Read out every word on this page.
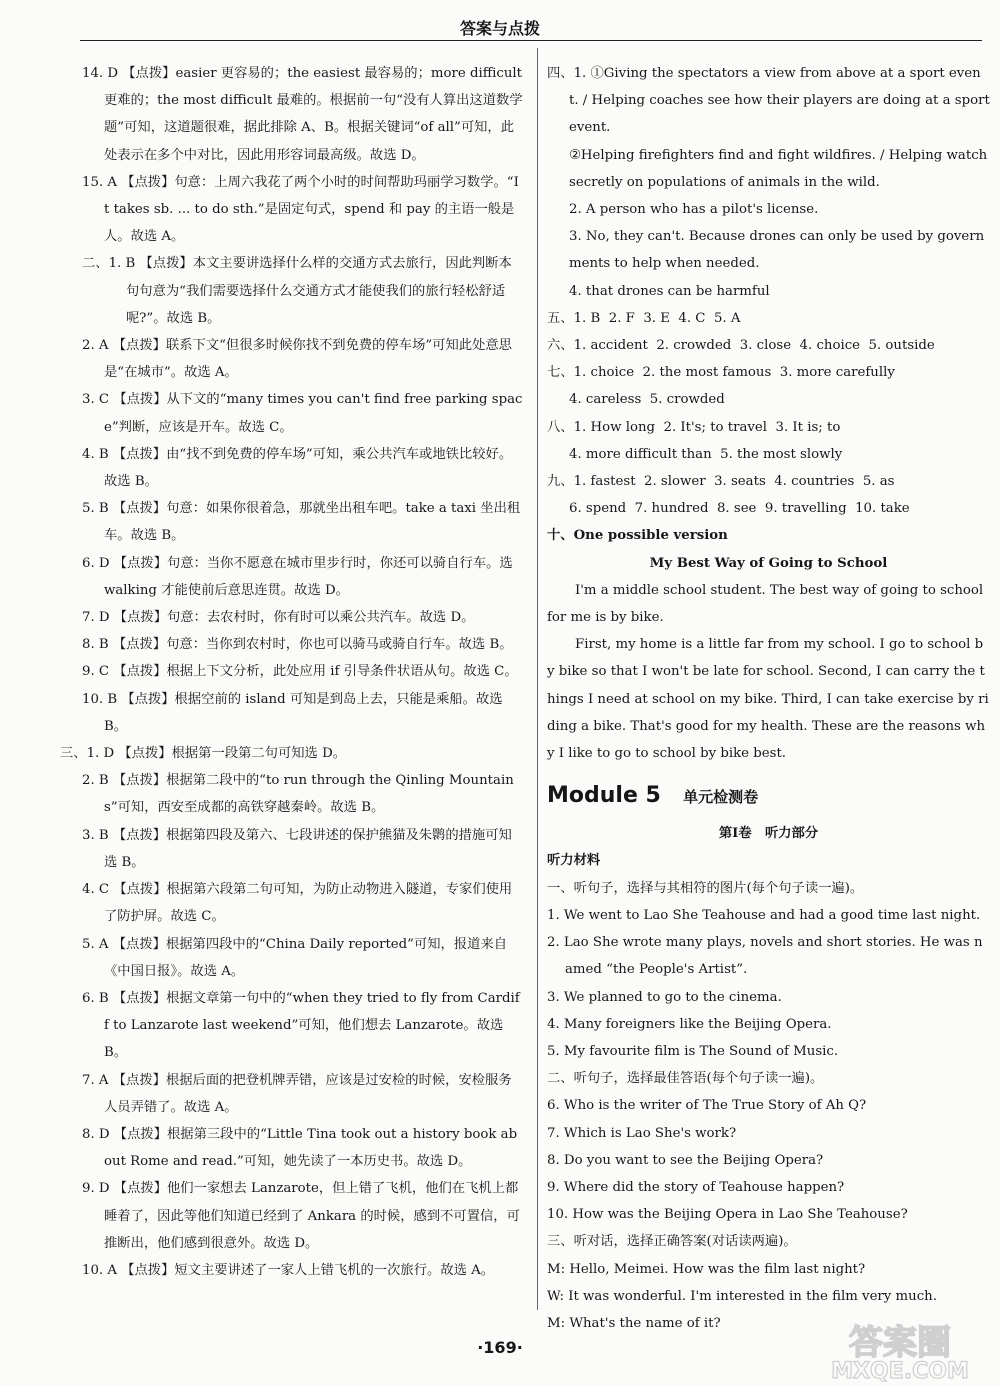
答案与点拨

14. D 【点拨】easier 更容易的；the easiest 最容易的；more difficult 更难的；the most difficult 最难的。根据前一句“没有人算出这道数学题”可知，这道题很难，据此排除 A、B。根据关键词“of all”可知，此处表示在多个中对比，因此用形容词最高级。故选 D。

15. A 【点拨】句意：上周六我花了两个小时的时间帮助玛丽学习数学。“It takes sb. ... to do sth.”是固定句式，spend 和 pay 的主语一般是人。故选 A。

二、1. B 【点拨】本文主要讲选择什么样的交通方式去旅行，因此判断本句句意为“我们需要选择什么交通方式才能使我们的旅行轻松舒适呢?”。故选 B。

2. A 【点拨】联系下文“但很多时候你找不到免费的停车场”可知此处意思是“在城市”。故选 A。

3. C 【点拨】从下文的“many times you can't find free parking space”判断，应该是开车。故选 C。

4. B 【点拨】由“找不到免费的停车场”可知，乘公共汽车或地铁比较好。故选 B。

5. B 【点拨】句意：如果你很着急，那就坐出租车吧。take a taxi 坐出租车。故选 B。

6. D 【点拨】句意：当你不愿意在城市里步行时，你还可以骑自行车。选 walking 才能使前后意思连贯。故选 D。

7. D 【点拨】句意：去农村时，你有时可以乘公共汽车。故选 D。

8. B 【点拨】句意：当你到农村时，你也可以骑马或骑自行车。故选 B。

9. C 【点拨】根据上下文分析，此处应用 if 引导条件状语从句。故选 C。

10. B 【点拨】根据空前的 island 可知是到岛上去，只能是乘船。故选 B。

三、1. D 【点拨】根据第一段第二句可知选 D。

2. B 【点拨】根据第二段中的“to run through the Qinling Mountains”可知，西安至成都的高铁穿越秦岭。故选 B。

3. B 【点拨】根据第四段及第六、七段讲述的保护熊猫及朱鹮的措施可知选 B。

4. C 【点拨】根据第六段第二句可知，为防止动物进入隧道，专家们使用了防护屏。故选 C。

5. A 【点拨】根据第四段中的“China Daily reported”可知，报道来自《中国日报》。故选 A。

6. B 【点拨】根据文章第一句中的“when they tried to fly from Cardiff to Lanzarote last weekend”可知，他们想去 Lanzarote。故选 B。

7. A 【点拨】根据后面的把登机牌弄错，应该是过安检的时候，安检服务人员弄错了。故选 A。

8. D 【点拨】根据第三段中的“Little Tina took out a history book about Rome and read.”可知，她先读了一本历史书。故选 D。

9. D 【点拨】他们一家想去 Lanzarote，但上错了飞机，他们在飞机上都睡着了，因此等他们知道已经到了 Ankara 的时候，感到不可置信，可推断出，他们感到很意外。故选 D。

10. A 【点拨】短文主要讲述了一家人上错飞机的一次旅行。故选 A。

四、1. ①Giving the spectators a view from above at a sport event. / Helping coaches see how their players are doing at a sport event.

②Helping firefighters find and fight wildfires. / Helping watch secretly on populations of animals in the wild.

2. A person who has a pilot's license.

3. No, they can't. Because drones can only be used by governments to help when needed.

4. that drones can be harmful

五、1. B  2. F  3. E  4. C  5. A

六、1. accident  2. crowded  3. close  4. choice  5. outside

七、1. choice  2. the most famous  3. more carefully

4. careless  5. crowded

八、1. How long  2. It's; to travel  3. It is; to

4. more difficult than  5. the most slowly

九、1. fastest  2. slower  3. seats  4. countries  5. as

6. spend  7. hundred  8. see  9. travelling  10. take

十、One possible version

My Best Way of Going to School

I'm a middle school student. The best way of going to school for me is by bike.

First, my home is a little far from my school. I go to school by bike so that I won't be late for school. Second, I can carry the things I need at school on my bike. Third, I can take exercise by riding a bike. That's good for my health. These are the reasons why I like to go to school by bike best.

Module 5 单元检测卷

第Ⅰ卷　听力部分

听力材料

一、听句子，选择与其相符的图片(每个句子读一遍)。

1. We went to Lao She Teahouse and had a good time last night.

2. Lao She wrote many plays, novels and short stories. He was named “the People's Artist”.

3. We planned to go to the cinema.

4. Many foreigners like the Beijing Opera.

5. My favourite film is The Sound of Music.

二、听句子，选择最佳答语(每个句子读一遍)。

6. Who is the writer of The True Story of Ah Q?

7. Which is Lao She's work?

8. Do you want to see the Beijing Opera?

9. Where did the story of Teahouse happen?

10. How was the Beijing Opera in Lao She Teahouse?

三、听对话，选择正确答案(对话读两遍)。

M: Hello, Meimei. How was the film last night?

W: It was wonderful. I'm interested in the film very much.

M: What's the name of it?

·169·	答案圈
MXQE.COM
